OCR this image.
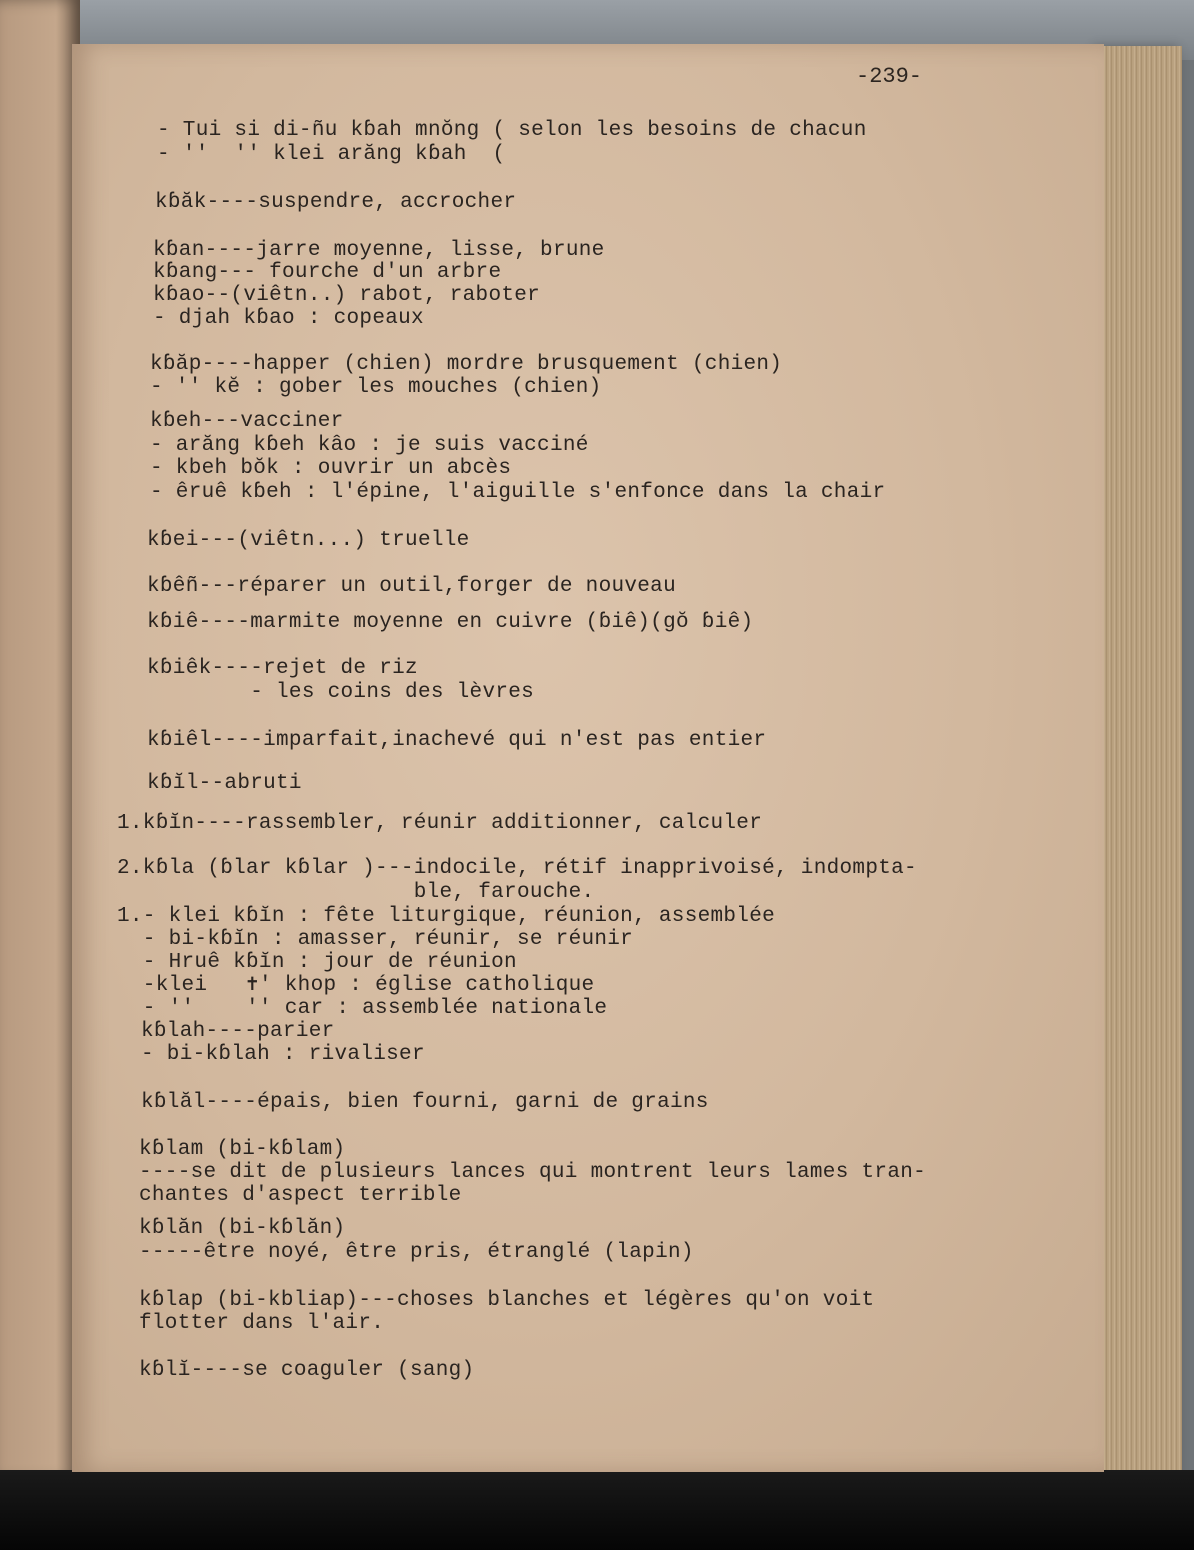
-239-
- Tui si di-ñu kɓah mnŏng ( selon les besoins de chacun
- ''  '' klei arăng kɓah  (
kɓăk----suspendre, accrocher
kɓan----jarre moyenne, lisse, brune
kɓang--- fourche d'un arbre
kɓao--(viêtn..) rabot, raboter
- djah kɓao : copeaux
kɓăp----happer (chien) mordre brusquement (chien)
- '' kĕ : gober les mouches (chien)
kɓeh---vacciner
- arăng kɓeh kâo : je suis vacciné
- kbeh bŏk : ouvrir un abcès
- êruê kɓeh : l'épine, l'aiguille s'enfonce dans la chair
kɓei---(viêtn...) truelle
kɓêñ---réparer un outil,forger de nouveau
kɓiê----marmite moyenne en cuivre (ɓiê)(gŏ ɓiê)
kɓiêk----rejet de riz
- les coins des lèvres
kɓiêl----imparfait,inachevé qui n'est pas entier
kɓĭl--abruti
1.kɓĭn----rassembler, réunir additionner, calculer
2.kɓla (ɓlar kɓlar )---indocile, rétif inapprivoisé, indompta-
ble, farouche.
1.- klei kɓĭn : fête liturgique, réunion, assemblée
- bi-kɓĭn : amasser, réunir, se réunir
- Hruê kɓĭn : jour de réunion
-klei   ✝' khop : église catholique
- ''    '' car : assemblée nationale
kɓlah----parier
- bi-kɓlah : rivaliser
kɓlăl----épais, bien fourni, garni de grains
kɓlam (bi-kɓlam)
----se dit de plusieurs lances qui montrent leurs lames tran-
chantes d'aspect terrible
kɓlăn (bi-kɓlăn)
-----être noyé, être pris, étranglé (lapin)
kɓlap (bi-kbliap)---choses blanches et légères qu'on voit
flotter dans l'air.
kɓlĭ----se coaguler (sang)
